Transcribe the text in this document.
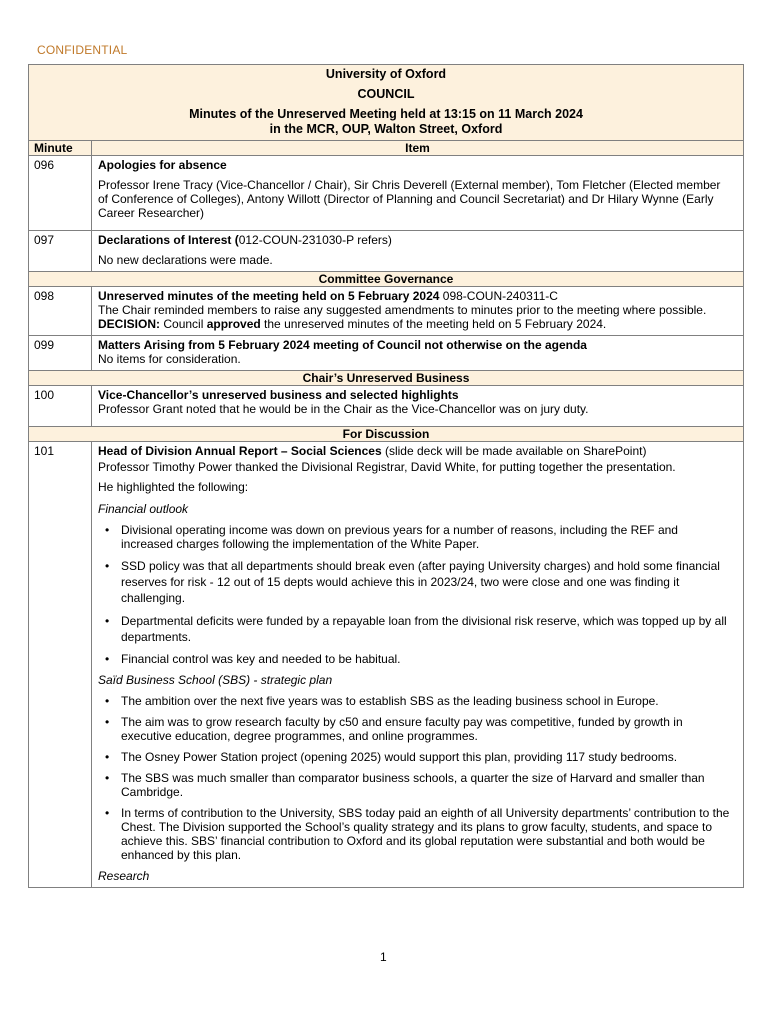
CONFIDENTIAL
University of Oxford
COUNCIL
Minutes of the Unreserved Meeting held at 13:15 on 11 March 2024
in the MCR, OUP, Walton Street, Oxford
Minute	Item
096	Apologies for absence

Professor Irene Tracy (Vice-Chancellor / Chair), Sir Chris Deverell (External member), Tom Fletcher (Elected member of Conference of Colleges), Antony Willott (Director of Planning and Council Secretariat) and Dr Hilary Wynne (Early Career Researcher)

097	Declarations of Interest (012-COUN-231030-P refers)

No new declarations were made.

Committee Governance
098	Unreserved minutes of the meeting held on 5 February 2024 098-COUN-240311-C

The Chair reminded members to raise any suggested amendments to minutes prior to the meeting where possible.

DECISION: Council approved the unreserved minutes of the meeting held on 5 February 2024.

099	Matters Arising from 5 February 2024 meeting of Council not otherwise on the agenda

No items for consideration.

Chair’s Unreserved Business
100	Vice-Chancellor’s unreserved business and selected highlights

Professor Grant noted that he would be in the Chair as the Vice-Chancellor was on jury duty.

For Discussion
101	Head of Division Annual Report – Social Sciences (slide deck will be made available on SharePoint)

Professor Timothy Power thanked the Divisional Registrar, David White, for putting together the presentation.

He highlighted the following:

Financial outlook

• Divisional operating income was down on previous years for a number of reasons, including the REF and increased charges following the implementation of the White Paper.
• SSD policy was that all departments should break even (after paying University charges) and hold some financial reserves for risk - 12 out of 15 depts would achieve this in 2023/24, two were close and one was finding it challenging.
• Departmental deficits were funded by a repayable loan from the divisional risk reserve, which was topped up by all departments.
• Financial control was key and needed to be habitual.

Saïd Business School (SBS) - strategic plan

• The ambition over the next five years was to establish SBS as the leading business school in Europe.
• The aim was to grow research faculty by c50 and ensure faculty pay was competitive, funded by growth in executive education, degree programmes, and online programmes.
• The Osney Power Station project (opening 2025) would support this plan, providing 117 study bedrooms.
• The SBS was much smaller than comparator business schools, a quarter the size of Harvard and smaller than Cambridge.
• In terms of contribution to the University, SBS today paid an eighth of all University departments’ contribution to the Chest. The Division supported the School’s quality strategy and its plans to grow faculty, students, and space to achieve this. SBS’ financial contribution to Oxford and its global reputation were substantial and both would be enhanced by this plan.

Research

1
